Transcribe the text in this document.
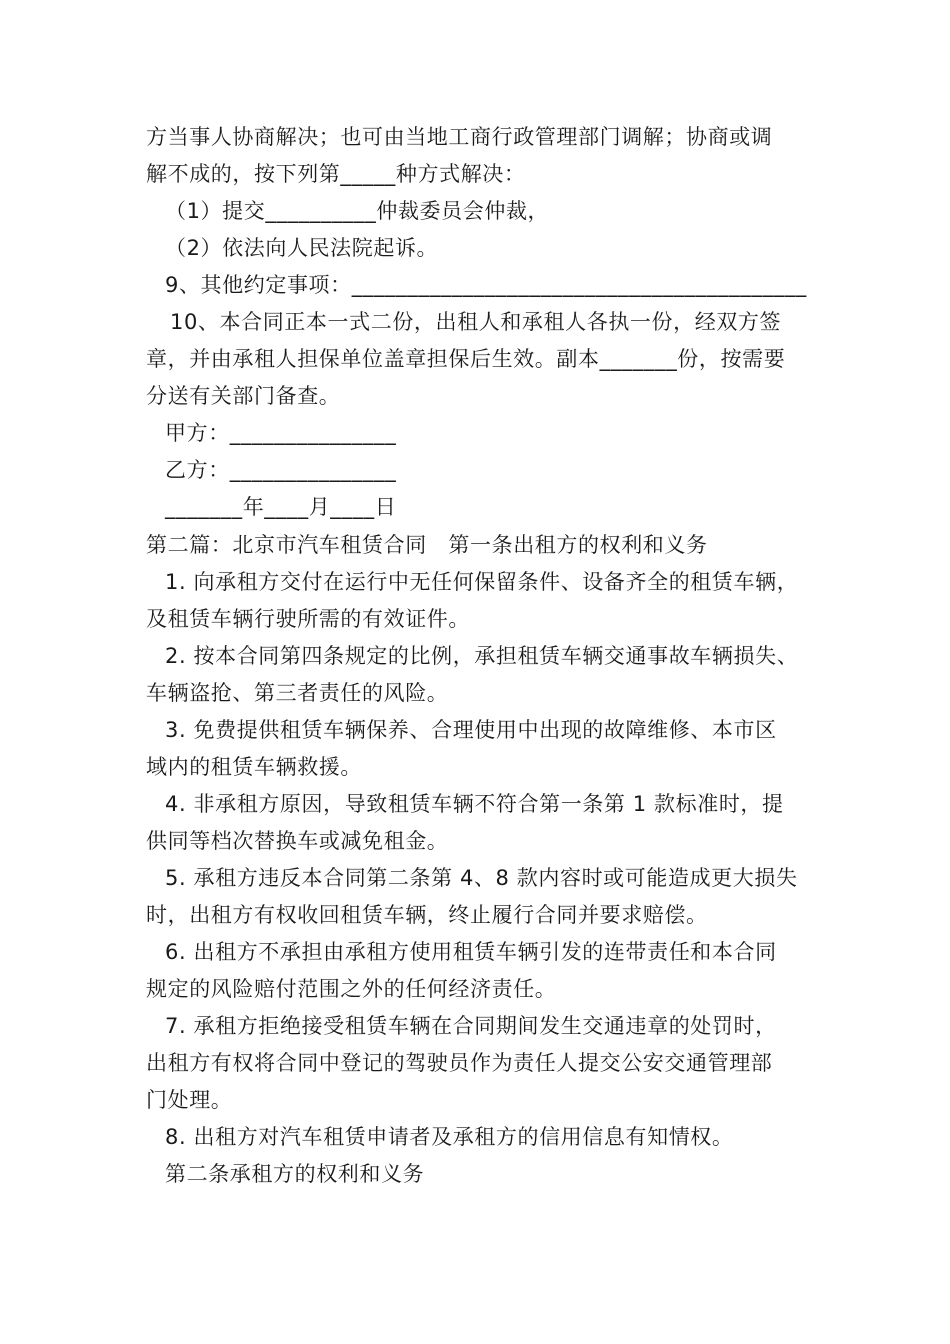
方当事人协商解决；也可由当地工商行政管理部门调解；协商或调
解不成的，按下列第_____种方式解决：
（1）提交__________仲裁委员会仲裁，
（2）依法向人民法院起诉。
9、其他约定事项：_________________________________________
10、本合同正本一式二份，出租人和承租人各执一份，经双方签
章，并由承租人担保单位盖章担保后生效。副本_______份，按需要
分送有关部门备查。
甲方：_______________
乙方：_______________
_______年____月____日
第二篇：北京市汽车租赁合同　第一条出租方的权利和义务
1. 向承租方交付在运行中无任何保留条件、设备齐全的租赁车辆，
及租赁车辆行驶所需的有效证件。
2. 按本合同第四条规定的比例，承担租赁车辆交通事故车辆损失、
车辆盗抢、第三者责任的风险。
3. 免费提供租赁车辆保养、合理使用中出现的故障维修、本市区
域内的租赁车辆救援。
4. 非承租方原因，导致租赁车辆不符合第一条第 1 款标准时，提
供同等档次替换车或减免租金。
5. 承租方违反本合同第二条第 4、8 款内容时或可能造成更大损失
时，出租方有权收回租赁车辆，终止履行合同并要求赔偿。
6. 出租方不承担由承租方使用租赁车辆引发的连带责任和本合同
规定的风险赔付范围之外的任何经济责任。
7. 承租方拒绝接受租赁车辆在合同期间发生交通违章的处罚时，
出租方有权将合同中登记的驾驶员作为责任人提交公安交通管理部
门处理。
8. 出租方对汽车租赁申请者及承租方的信用信息有知情权。
第二条承租方的权利和义务
